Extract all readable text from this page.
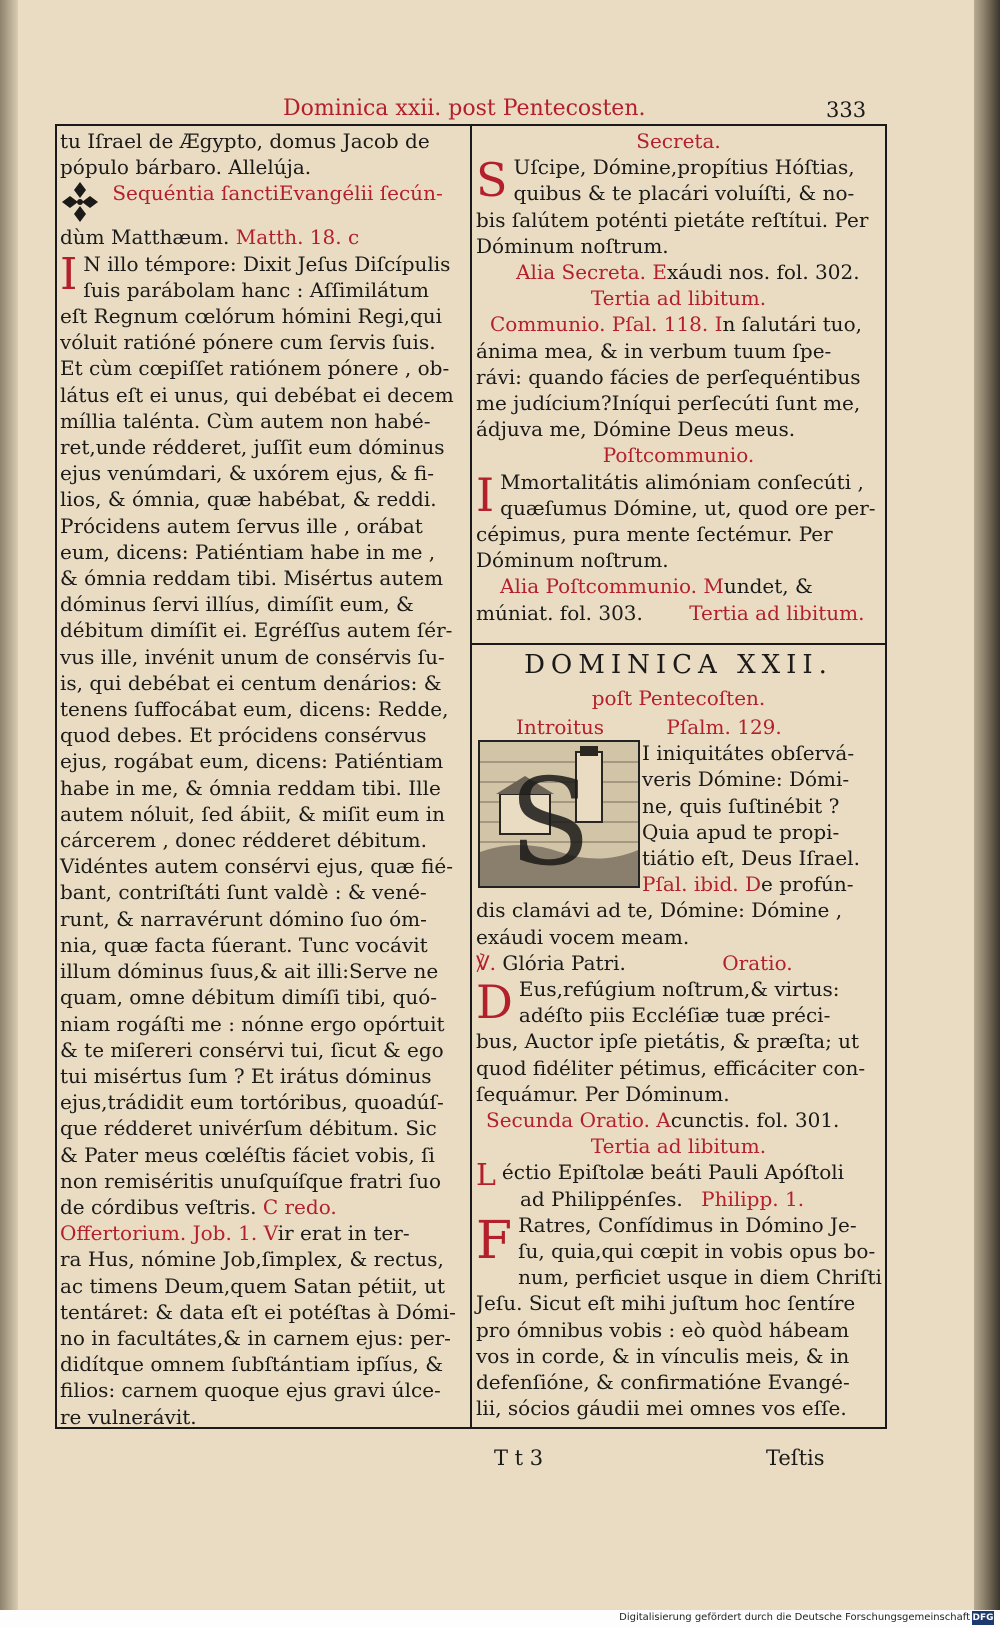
Dominica xxii. post Pentecosten.	333

tu Iſrael de Ægypto, domus Jacob de

pópulo bárbaro. Allelúja.

Sequéntia ſanctiEvangélii ſecún-
dùm Matthæum. Matth. 18. c
I N illo témpore: Dixit Jeſus Diſcípulis

ſuis parábolam hanc : Aſſimilátum

eſt Regnum cœlórum hómini Regi,qui

vóluit ratióné pónere cum ſervis ſuis.

Et cùm cœpiſſet ratiónem pónere , ob-

látus eſt ei unus, qui debébat ei decem

míllia talénta. Cùm autem non habé-

ret,unde rédderet, juſſit eum dóminus

ejus venúmdari, & uxórem ejus, & fi-

lios, & ómnia, quæ habébat, & reddi.

Prócidens autem ſervus ille , orábat

eum, dicens: Patiéntiam habe in me ,

& ómnia reddam tibi. Misértus autem

dóminus ſervi illíus, dimíſit eum, &

débitum dimíſit ei. Egréſſus autem ſér-

vus ille, invénit unum de consérvis ſu-

is, qui debébat ei centum denários: &

tenens ſuffocábat eum, dicens: Redde,

quod debes. Et prócidens consérvus

ejus, rogábat eum, dicens: Patiéntiam

habe in me, & ómnia reddam tibi. Ille

autem nóluit, ſed ábiit, & miſit eum in

cárcerem , donec rédderet débitum.

Vidéntes autem consérvi ejus, quæ fié-

bant, contriſtáti ſunt valdè : & vené-

runt, & narravérunt dómino ſuo óm-

nia, quæ facta fúerant. Tunc vocávit

illum dóminus ſuus,& ait illi:Serve ne

quam, omne débitum dimíſi tibi, quó-

niam rogáſti me : nónne ergo opórtuit

& te miſereri consérvi tui, ſicut & ego

tui misértus ſum ? Et irátus dóminus

ejus,trádidit eum tortóribus, quoadúſ-

que rédderet univérſum débitum. Sic

& Pater meus cœléſtis fáciet vobis, ſi

non remiséritis unuſquíſque fratri ſuo

de córdibus veſtris. C redo.

Offertorium. Job. 1. Vir erat in ter-

ra Hus, nómine Job,ſimplex, & rectus,

ac timens Deum,quem Satan pétiit, ut

tentáret: & data eſt ei potéſtas à Dómi-

no in facultátes,& in carnem ejus: per-

didítque omnem ſubſtántiam ipſíus, &

filios: carnem quoque ejus gravi úlce-

re vulnerávit.

Secreta.

S Uſcipe, Dómine,propítius Hóſtias,

quibus & te placári voluíſti, & no-

bis ſalútem poténti pietáte reſtítui. Per

Dóminum noſtrum.

Alia Secreta. Exáudi nos. fol. 302.

Tertia ad libitum.

Communio. Pſal. 118. In ſalutári tuo,

ánima mea, & in verbum tuum ſpe-

rávi: quando fácies de perſequéntibus

me judícium?Iníqui perſecúti ſunt me,

ádjuva me, Dómine Deus meus.

Poſtcommunio.

I Mmortalitátis alimóniam conſecúti ,

quæſumus Dómine, ut, quod ore per-

cépimus, pura mente ſectémur. Per

Dóminum noſtrum.

Alia Poſtcommunio. Mundet, &

múniat. fol. 303. Tertia ad libitum.

DOMINICA XXII.
poſt Pentecoſten.

Introitus	Pſalm. 129.

I iniquitátes obſervá-

veris Dómine: Dómi-

ne, quis ſuſtinébit ?

Quia apud te propi-

tiátio eſt, Deus Iſrael.

Pſal. ibid. De profún-

dis clamávi ad te, Dómine: Dómine ,

exáudi vocem meam.

℣. Glória Patri.	Oratio.

D Eus,refúgium noſtrum,& virtus:

adéſto piis Eccléſiæ tuæ préci-

bus, Auctor ipſe pietátis, & præſta; ut

quod fidéliter pétimus, efficáciter con-

ſequámur. Per Dóminum.

Secunda Oratio. Acunctis. fol. 301.

Tertia ad libitum.

L éctio Epiſtolæ beáti Pauli Apóſtoli

ad Philippénſes. Philipp. 1.

F Ratres, Confídimus in Dómino Je-

ſu, quia,qui cœpit in vobis opus bo-

num, perficiet usque in diem Chriſti

Jeſu. Sicut eſt mihi juſtum hoc ſentíre

pro ómnibus vobis : eò quòd hábeam

vos in corde, & in vínculis meis, & in

defenſióne, & confirmatióne Evangé-

lii, sócios gáudii mei omnes vos eſſe.

S
T t 3	Teſtis
Digitalisierung gefördert durch die Deutsche Forschungsgemeinschaft DFG
